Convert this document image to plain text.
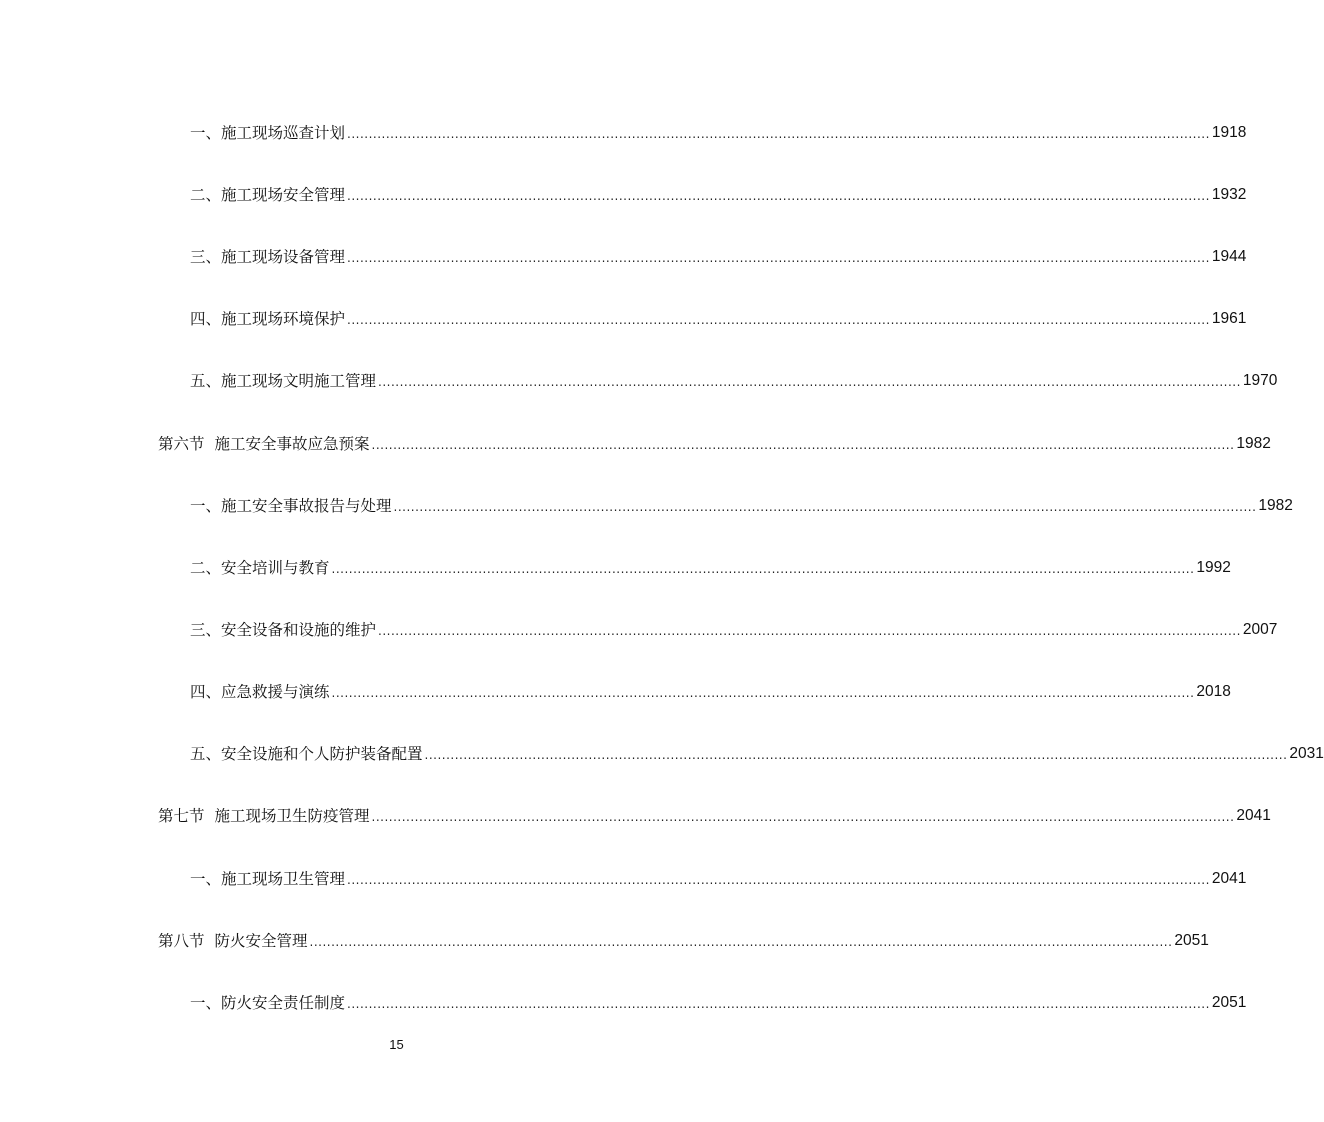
一、 施工现场巡查计划 ........................................................................................................................................................................................................ 1918
二、 施工现场安全管理 ........................................................................................................................................................................................................ 1932
三、 施工现场设备管理 ........................................................................................................................................................................................................ 1944
四、 施工现场环境保护 ........................................................................................................................................................................................................ 1961
五、 施工现场文明施工管理 ........................................................................................................................................................................................................ 1970
第六节 施工安全事故应急预案 ........................................................................................................................................................................................................ 1982
一、 施工安全事故报告与处理 ........................................................................................................................................................................................................ 1982
二、 安全培训与教育 ........................................................................................................................................................................................................ 1992
三、 安全设备和设施的维护 ........................................................................................................................................................................................................ 2007
四、 应急救援与演练 ........................................................................................................................................................................................................ 2018
五、 安全设施和个人防护装备配置 ........................................................................................................................................................................................................ 2031
第七节 施工现场卫生防疫管理 ........................................................................................................................................................................................................ 2041
一、 施工现场卫生管理 ........................................................................................................................................................................................................ 2041
第八节 防火安全管理 ........................................................................................................................................................................................................ 2051
一、 防火安全责任制度 ........................................................................................................................................................................................................ 2051
15
